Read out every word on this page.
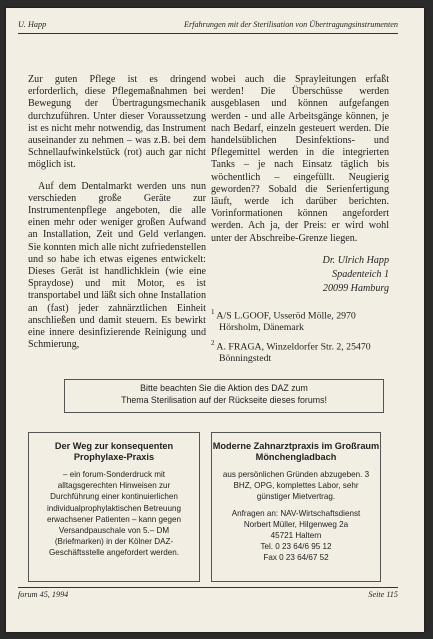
U. Happ	Erfahrungen mit der Sterilisation von Übertragungsinstrumenten

Zur guten Pflege ist es dringend erforderlich, diese Pflegemaßnahmen bei Bewegung der Übertragungsmechanik durchzuführen. Unter dieser Voraussetzung ist es nicht mehr notwendig, das Instrument auseinander zu nehmen – was z.B. bei dem Schnellaufwinkelstück (rot) auch gar nicht möglich ist.

Auf dem Dentalmarkt werden uns nun verschieden große Geräte zur Instrumentenpflege angeboten, die alle einen mehr oder weniger großen Aufwand an Installation, Zeit und Geld verlangen. Sie konnten mich alle nicht zufriedenstellen und so habe ich etwas eigenes entwickelt: Dieses Gerät ist handlichklein (wie eine Spraydose) und mit Motor, es ist transportabel und läßt sich ohne Installation an (fast) jeder zahnärztlichen Einheit anschließen und damit steuern. Es bewirkt eine innere desinfizierende Reinigung und Schmierung,

wobei auch die Sprayleitungen erfaßt werden! Die Überschüsse werden ausgeblasen und können aufgefangen werden - und alle Arbeitsgänge können, je nach Bedarf, einzeln gesteuert werden. Die handelsüblichen Desinfektions- und Pflegemittel werden in die integrierten Tanks – je nach Einsatz täglich bis wöchentlich – eingefüllt. Neugierig geworden?? Sobald die Serienfertigung läuft, werde ich darüber berichten. Vorinformationen können angefordert werden. Ach ja, der Preis: er wird wohl unter der Abschreibe-Grenze liegen.

Dr. Ulrich Happ
Spadenteich 1
20099 Hamburg

$^1$ A/S L.GOOF, Usseröd Mölle, 2970 Hörsholm, Dänemark

$^2$ A. FRAGA, Winzeldorfer Str. 2, 25470 Bönningstedt

Bitte beachten Sie die Aktion des DAZ zum
Thema Sterilisation auf der Rückseite dieses forums!
Der Weg zur konsequenten Prophylaxe-Praxis

– ein forum-Sonderdruck mit alltagsgerechten Hinweisen zur Durchführung einer kontinuierlichen individualprophylaktischen Betreuung erwachsener Patienten – kann gegen Versandpauschale von 5.– DM (Briefmarken) in der Kölner DAZ-Geschäftsstelle angefordert werden.

Moderne Zahnarztpraxis im Großraum Mönchengladbach

aus persönlichen Gründen abzugeben. 3 BHZ, OPG, komplettes Labor, sehr günstiger Mietvertrag.

Anfragen an: NAV-Wirtschaftsdienst
Norbert Müller, Hilgenweg 2a
45721 Haltern
Tel. 0 23 64/6 95 12
Fax 0 23 64/67 52
forum 45, 1994	Seite 115
